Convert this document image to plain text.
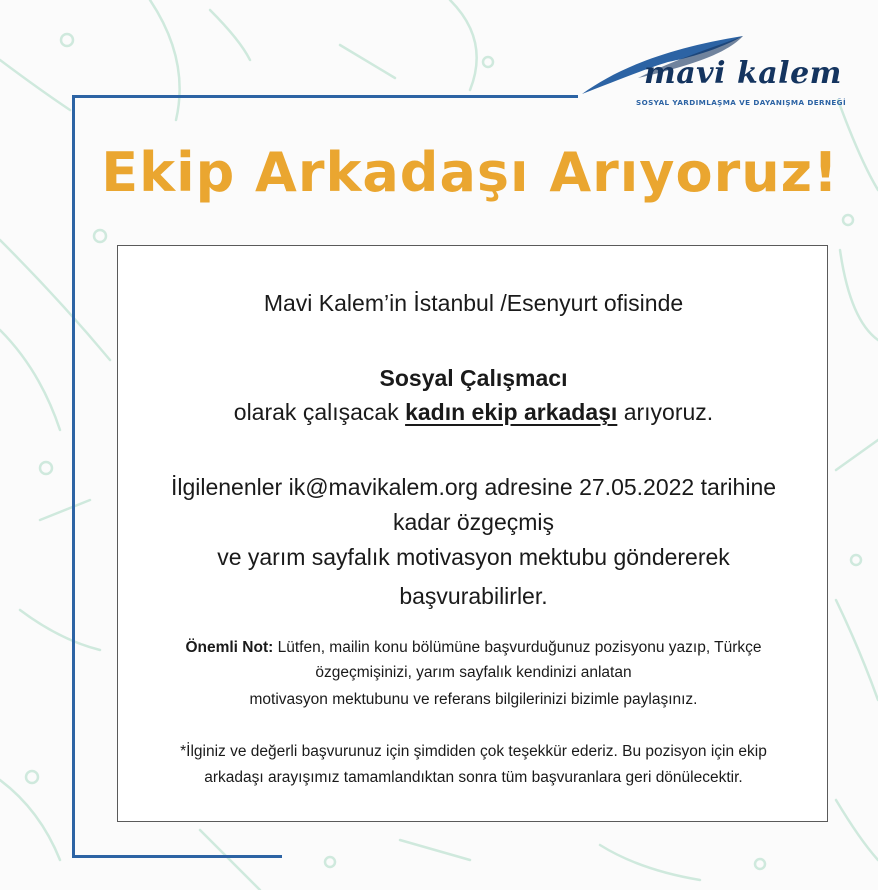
mavi kalem
SOSYAL YARDIMLAŞMA VE DAYANIŞMA DERNEĞİ
Ekip Arkadaşı Arıyoruz!
Mavi Kalem’in İstanbul /Esenyurt ofisinde
Sosyal Çalışmacı
olarak çalışacak kadın ekip arkadaşı arıyoruz.
İlgilenenler ik@mavikalem.org adresine 27.05.2022 tarihine
kadar özgeçmiş
ve yarım sayfalık motivasyon mektubu göndererek
başvurabilirler.
Önemli Not: Lütfen, mailin konu bölümüne başvurduğunuz pozisyonu yazıp, Türkçe
özgeçmişinizi, yarım sayfalık kendinizi anlatan
motivasyon mektubunu ve referans bilgilerinizi bizimle paylaşınız.
*İlginiz ve değerli başvurunuz için şimdiden çok teşekkür ederiz. Bu pozisyon için ekip
arkadaşı arayışımız tamamlandıktan sonra tüm başvuranlara geri dönülecektir.
